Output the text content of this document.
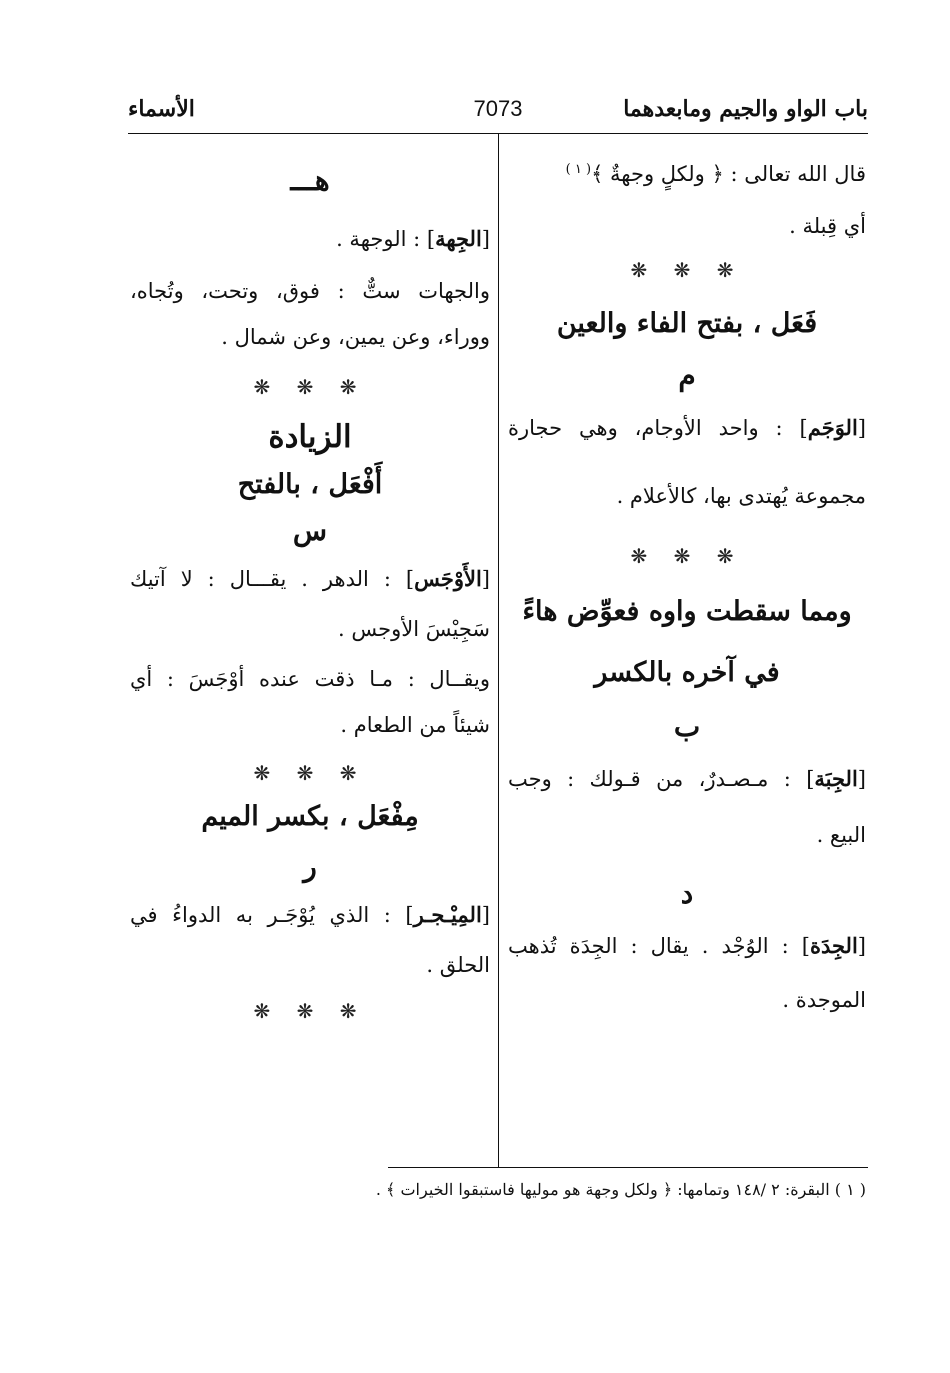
باب الواو والجيم ومابعدهما
7073
الأسماء

قال الله تعالى : ﴿ ولكلٍ وجهةٌ ﴾$^{( ١ )}$

أي قِبلة .

❋ ❋ ❋

فَعَل ، بفتح الفاء والعين

م

[الوَجَم] : واحد الأوجام، وهي حجارة

مجموعة يُهتدى بها، كالأعلام .

❋ ❋ ❋

ومما سقطت واوه فعوِّض هاءً

في آخره بالكسر

ب

[الجِبَة] : مـصـدرٌ، من قـولك : وجب

البيع .

د

[الجِدَة] : الوُجْد . يقال : الجِدَة تُذهب

الموجدة .

هـــ

[الجِهة] : الوجهة .

والجهات ستٌّ : فوق، وتحت، وتُجاه،

ووراء، وعن يمين، وعن شمال .

❋ ❋ ❋

الزيادة

أَفْعَل ، بالفتح

س

[الأَوْجَس] : الدهر . يقـــال : لا آتيك

سَجِيْسَ الأوجس .

ويقــال : مـا ذقت عنده أوْجَسَ : أي

شيئاً من الطعام .

❋ ❋ ❋

مِفْعَل ، بكسر الميم

ر

[المِيْـجـر] : الذي يُوْجَـر به الدواءُ في

الحلق .

❋ ❋ ❋

( ١ ) البقرة: ٢ /١٤٨ وتمامها: ﴿ ولكل وجهة هو موليها فاستبقوا الخيرات ﴾ .
